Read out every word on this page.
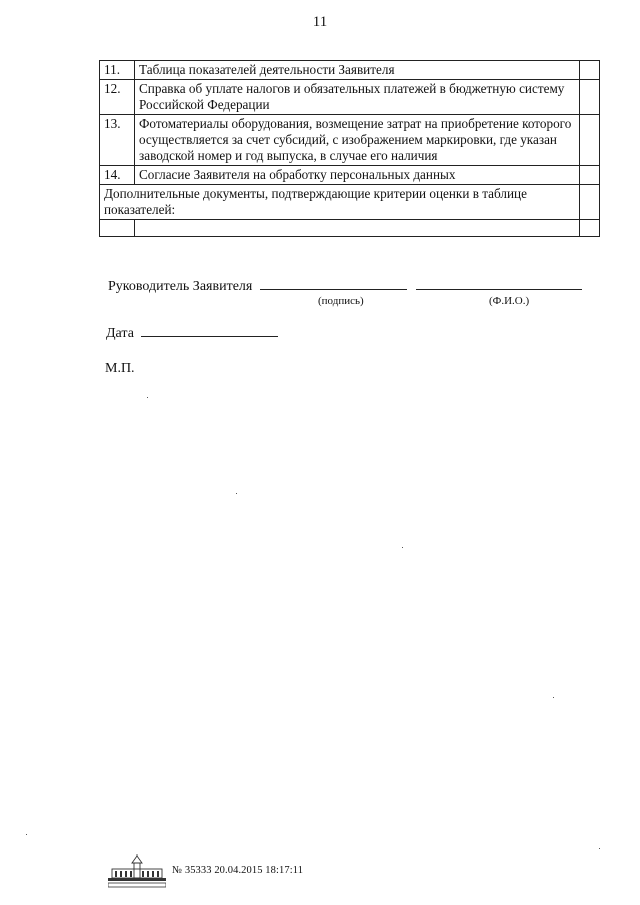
11
11.	Таблица показателей деятельности Заявителя	
12.	Справка об уплате налогов и обязательных платежей в бюджетную систему Российской Федерации	
13.	Фотоматериалы оборудования, возмещение затрат на приобретение которого осуществляется за счет субсидий, с изображением маркировки, где указан заводской номер и год выпуска, в случае его наличия	
14.	Согласие Заявителя на обработку персональных данных	
Дополнительные документы, подтверждающие критерии оценки в таблице показателей:		

Руководитель Заявителя
(подпись)	(Ф.И.О.)
Дата
М.П.
№ 35333 20.04.2015 18:17:11
